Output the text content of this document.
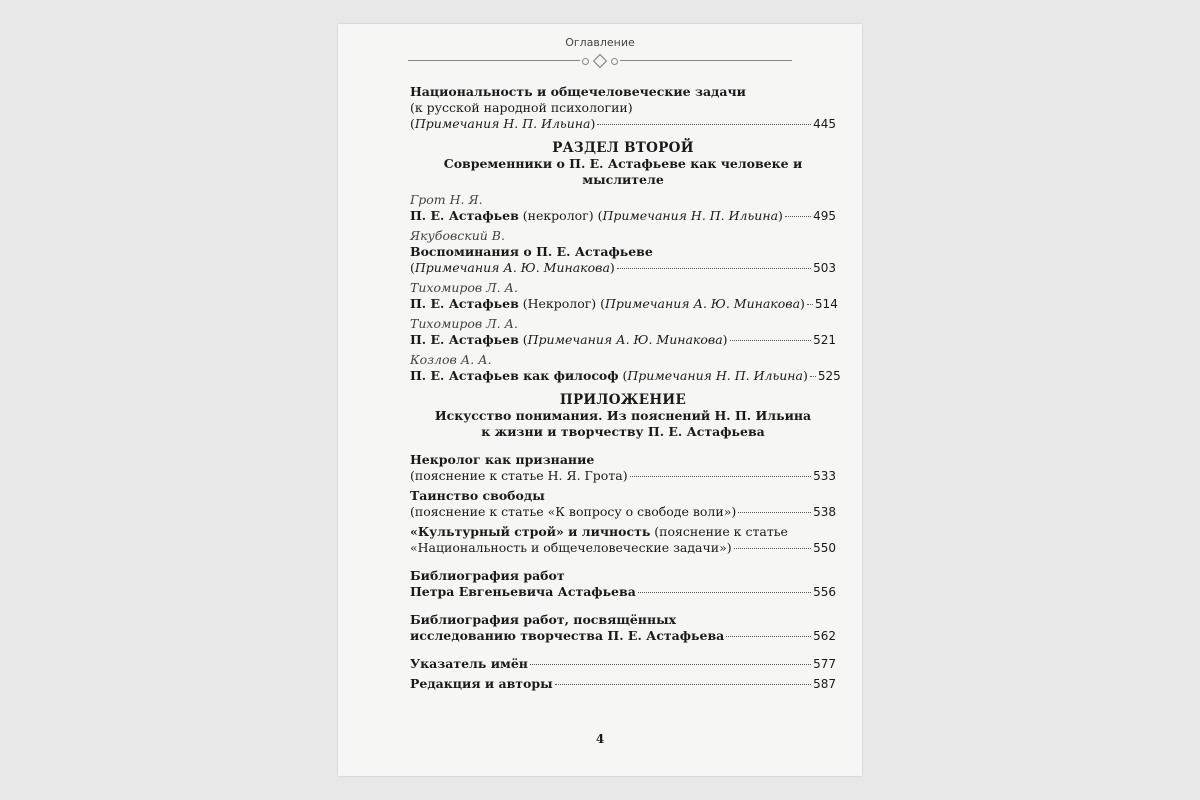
Оглавление
Национальность и общечеловеческие задачи
(к русской народной психологии)
(Примечания Н. П. Ильина)	445
РАЗДЕЛ ВТОРОЙ
Современники о П. Е. Астафьеве как человеке и мыслителе
Грот Н. Я.
П. Е. Астафьев (некролог) (Примечания Н. П. Ильина)	495
Якубовский В.
Воспоминания о П. Е. Астафьеве
(Примечания А. Ю. Минакова)	503
Тихомиров Л. А.
П. Е. Астафьев (Некролог) (Примечания А. Ю. Минакова) 514
Тихомиров Л. А.
П. Е. Астафьев (Примечания А. Ю. Минакова)	521
Козлов А. А.
П. Е. Астафьев как философ (Примечания Н. П. Ильина) 525
ПРИЛОЖЕНИЕ
Искусство понимания. Из пояснений Н. П. Ильина
к жизни и творчеству П. Е. Астафьева
Некролог как признание
(пояснение к статье Н. Я. Грота)	533
Таинство свободы
(пояснение к статье «К вопросу о свободе воли»)	538
«Культурный строй» и личность (пояснение к статье
«Национальность и общечеловеческие задачи»)	550
Библиография работ
Петра Евгеньевича Астафьева	556
Библиография работ, посвящённых
исследованию творчества П. Е. Астафьева	562
Указатель имён	577
Редакция и авторы	587
4
